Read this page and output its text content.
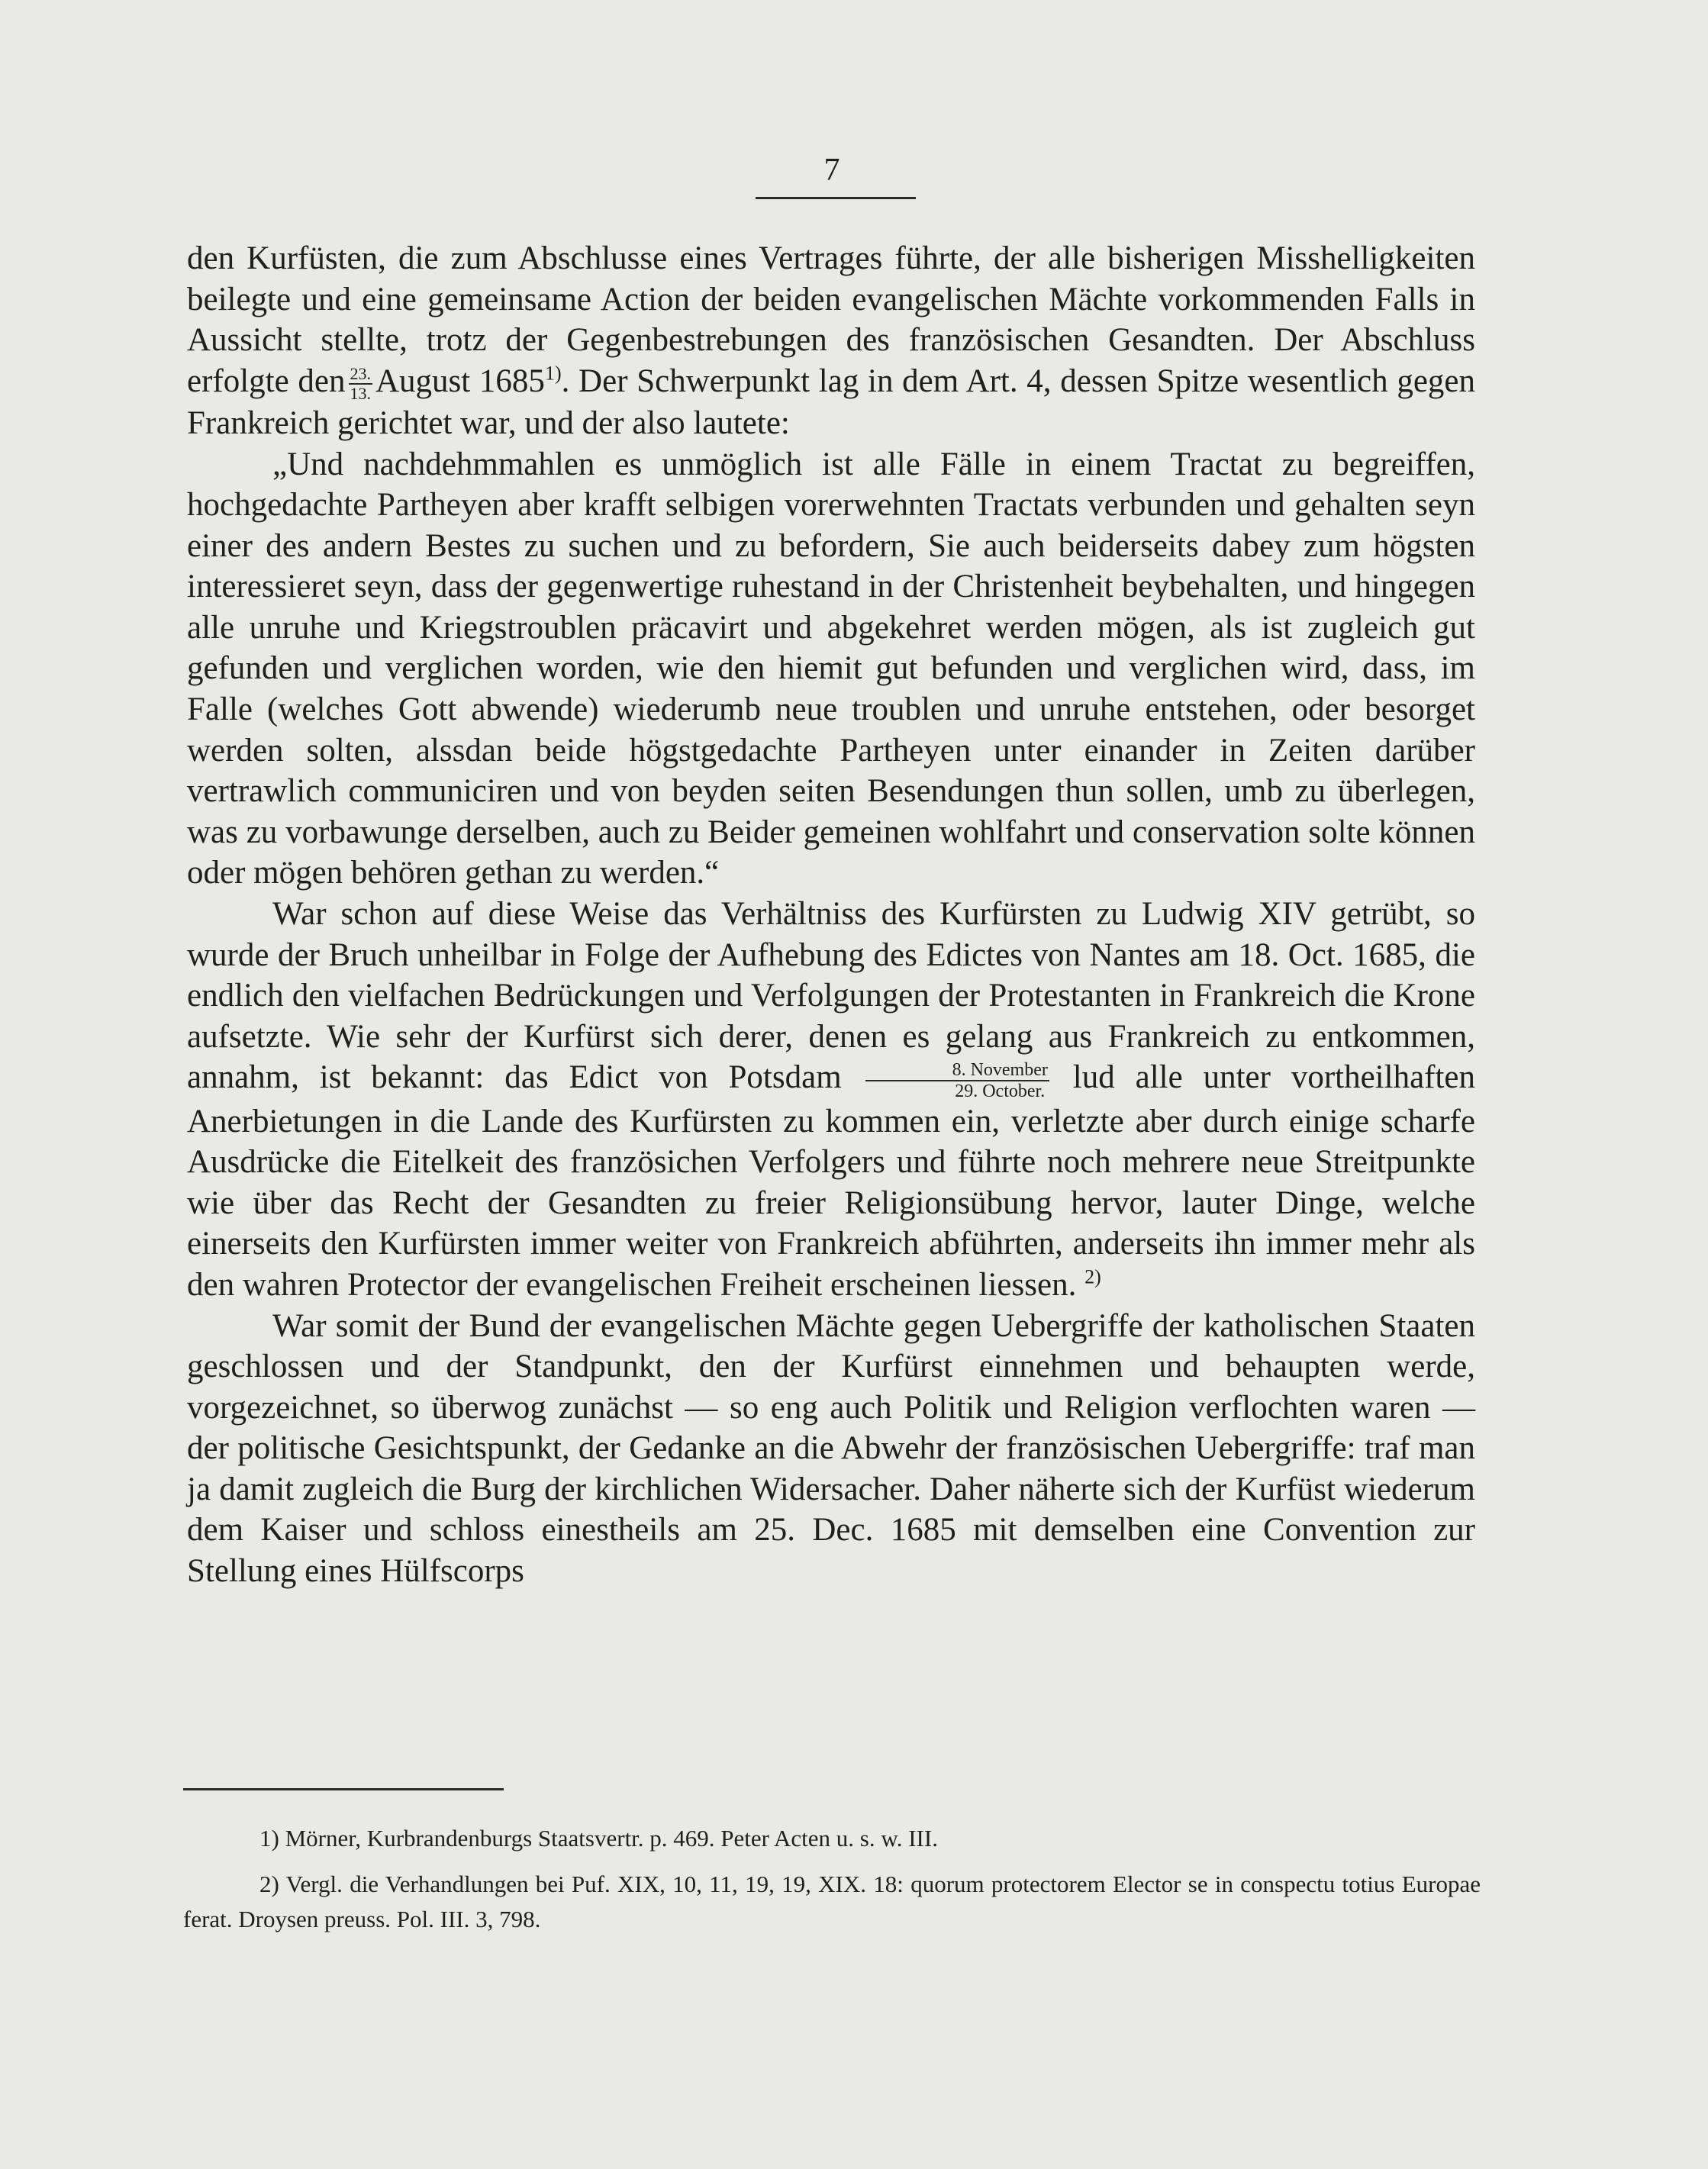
7

den Kurfüsten, die zum Abschlusse eines Vertrages führte, der alle bisherigen Misshelligkeiten beilegte und eine gemeinsame Action der beiden evangelischen Mächte vorkommenden Falls in Aussicht stellte, trotz der Gegenbestrebungen des französischen Gesandten. Der Abschluss erfolgte den $\frac{23.}{13.}$ August 1685$^{1)}$. Der Schwerpunkt lag in dem Art. 4, dessen Spitze wesentlich gegen Frankreich gerichtet war, und der also lautete:

„Und nachdehmmahlen es unmöglich ist alle Fälle in einem Tractat zu begreiffen, hochgedachte Partheyen aber krafft selbigen vorerwehnten Tractats verbunden und gehalten seyn einer des andern Bestes zu suchen und zu befordern, Sie auch beiderseits dabey zum högsten interessieret seyn, dass der gegenwertige ruhestand in der Christenheit beybehalten, und hingegen alle unruhe und Kriegstroublen präcavirt und abgekehret werden mögen, als ist zugleich gut gefunden und verglichen worden, wie den hiemit gut befunden und verglichen wird, dass, im Falle (welches Gott abwende) wiederumb neue troublen und unruhe entstehen, oder besorget werden solten, alssdan beide högstgedachte Partheyen unter einander in Zeiten darüber vertrawlich communiciren und von beyden seiten Besendungen thun sollen, umb zu überlegen, was zu vorbawunge derselben, auch zu Beider gemeinen wohlfahrt und conservation solte können oder mögen behören gethan zu werden.“

War schon auf diese Weise das Verhältniss des Kurfürsten zu Ludwig XIV getrübt, so wurde der Bruch unheilbar in Folge der Aufhebung des Edictes von Nantes am 18. Oct. 1685, die endlich den vielfachen Bedrückungen und Verfolgungen der Protestanten in Frankreich die Krone aufsetzte. Wie sehr der Kurfürst sich derer, denen es gelang aus Frankreich zu entkommen, annahm, ist bekannt: das Edict von Potsdam $\frac{\text{8. November}}{\text{29. October.}}$ lud alle unter vortheilhaften Anerbietungen in die Lande des Kurfürsten zu kommen ein, verletzte aber durch einige scharfe Ausdrücke die Eitelkeit des französichen Verfolgers und führte noch mehrere neue Streitpunkte wie über das Recht der Gesandten zu freier Religionsübung hervor, lauter Dinge, welche einerseits den Kurfürsten immer weiter von Frankreich abführten, anderseits ihn immer mehr als den wahren Protector der evangelischen Freiheit erscheinen liessen. $^{2)}$

War somit der Bund der evangelischen Mächte gegen Uebergriffe der katholischen Staaten geschlossen und der Standpunkt, den der Kurfürst einnehmen und behaupten werde, vorgezeichnet, so überwog zunächst — so eng auch Politik und Religion verflochten waren — der politische Gesichtspunkt, der Gedanke an die Abwehr der französischen Uebergriffe: traf man ja damit zugleich die Burg der kirchlichen Widersacher. Daher näherte sich der Kurfüst wiederum dem Kaiser und schloss einestheils am 25. Dec. 1685 mit demselben eine Convention zur Stellung eines Hülfscorps

1) Mörner, Kurbrandenburgs Staatsvertr. p. 469. Peter Acten u. s. w. III.

2) Vergl. die Verhandlungen bei Puf. XIX, 10, 11, 19, 19, XIX. 18: quorum protectorem Elector se in conspectu totius Europae ferat. Droysen preuss. Pol. III. 3, 798.
